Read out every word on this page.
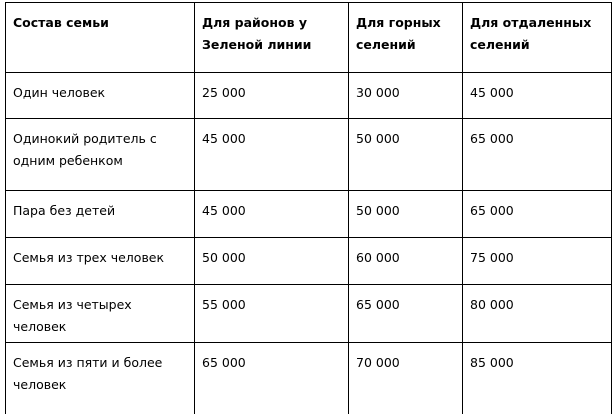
Состав семьи	Для районов у Зеленой линии	Для горных селений	Для отдаленных селений
Один человек	25 000	30 000	45 000
Одинокий родитель с одним ребенком	45 000	50 000	65 000
Пара без детей	45 000	50 000	65 000
Семья из трех человек	50 000	60 000	75 000
Семья из четырех человек	55 000	65 000	80 000
Семья из пяти и более человек	65 000	70 000	85 000
